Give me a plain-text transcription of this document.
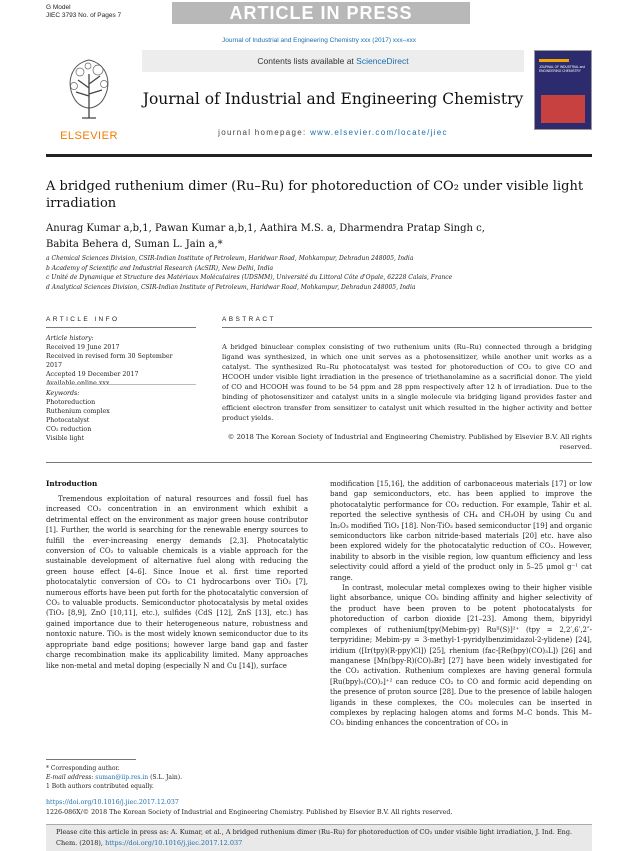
G Model
JIEC 3793 No. of Pages 7	ARTICLE IN PRESS
Journal of Industrial and Engineering Chemistry xxx (2017) xxx–xxx
ELSEVIER
Contents lists available at ScienceDirect
Journal of Industrial and Engineering Chemistry
journal homepage: www.elsevier.com/locate/jiec
JOURNAL OF INDUSTRIAL and ENGINEERING CHEMISTRY
A bridged ruthenium dimer (Ru–Ru) for photoreduction of CO₂ under visible light irradiation
Anurag Kumar a,b,1, Pawan Kumar a,b,1, Aathira M.S. a, Dharmendra Pratap Singh c,
Babita Behera d, Suman L. Jain a,*
a Chemical Sciences Division, CSIR-Indian Institute of Petroleum, Haridwar Road, Mohkampur, Dehradun 248005, India
b Academy of Scientific and Industrial Research (AcSIR), New Delhi, India
c Unité de Dynamique et Structure des Matériaux Moléculaires (UDSMM), Université du Littoral Côte d'Opale, 62228 Calais, France
d Analytical Sciences Division, CSIR-Indian Institute of Petroleum, Haridwar Road, Mohkampur, Dehradun 248005, India
ARTICLE INFO	ABSTRACT
Article history:
Received 19 June 2017
Received in revised form 30 September 2017
Accepted 19 December 2017
Keywords:
Photoreduction
Ruthenium complex
Photocatalyst
CO₂ reduction
Visible light
A bridged binuclear complex consisting of two ruthenium units (Ru–Ru) connected through a bridging ligand was synthesized, in which one unit serves as a photosensitizer, while another unit works as a catalyst. The synthesized Ru–Ru photocatalyst was tested for photoreduction of CO₂ to give CO and HCOOH under visible light irradiation in the presence of triethanolamine as a sacrificial donor. The yield of CO and HCOOH was found to be 54 ppm and 28 ppm respectively after 12 h of irradiation. Due to the binding of photosensitizer and catalyst units in a single molecule via bridging ligand provides faster and efficient electron transfer from sensitizer to catalyst unit which resulted in the higher activity and better product yields.
© 2018 The Korean Society of Industrial and Engineering Chemistry. Published by Elsevier B.V. All rights reserved.
Introduction

Tremendous exploitation of natural resources and fossil fuel has increased CO₂ concentration in an environment which exhibit a detrimental effect on the environment as major green house contributor [1]. Further, the world is searching for the renewable energy sources to fulfill the ever-increasing energy demands [2,3]. Photocatalytic conversion of CO₂ to valuable chemicals is a viable approach for the sustainable development of alternative fuel along with reducing the green house effect [4–6]. Since Inoue et al. first time reported photocatalytic conversion of CO₂ to C1 hydrocarbons over TiO₂ [7], numerous efforts have been put forth for the photocatalytic conversion of CO₂ to valuable products. Semiconductor photocatalysis by metal oxides (TiO₂ [8,9], ZnO [10,11], etc.), sulfides (CdS [12], ZnS [13], etc.) has gained importance due to their heterogeneous nature, robustness and nontoxic nature. TiO₂ is the most widely known semiconductor due to its appropriate band edge positions; however large band gap and faster charge recombination make its applicability limited. Many approaches like non-metal and metal doping (especially N and Cu [14]), surface

modification [15,16], the addition of carbonaceous materials [17] or low band gap semiconductors, etc. has been applied to improve the photocatalytic performance for CO₂ reduction. For example, Tahir et al. reported the selective synthesis of CH₄ and CH₃OH by using Cu and In₂O₃ modified TiO₂ [18]. Non-TiO₂ based semiconductor [19] and organic semiconductors like carbon nitride-based materials [20] etc. have also been explored widely for the photocatalytic reduction of CO₂. However, inability to absorb in the visible region, low quantum efficiency and less selectivity could afford a yield of the product only in 5–25 μmol g⁻¹ cat range.

In contrast, molecular metal complexes owing to their higher visible light absorbance, unique CO₂ binding affinity and higher selectivity of the product have been proven to be potent photocatalysts for photoreduction of carbon dioxide [21–23]. Among them, bipyridyl complexes of ruthenium[tpy(Mebim-py) Ruᴵᴵ(S)]²⁺ (tpy = 2,2′,6′,2″-terpyridine; Mebim-py = 3-methyl-1-pyridylbenzimidazol-2-ylidene) [24], iridium ([Ir(tpy)(R-ppy)Cl]) [25], rhenium (fac-[Re(bpy)(CO)₃L]) [26] and manganese [Mn(bpy-R)(CO)₃Br] [27] have been widely investigated for the CO₂ activation. Ruthenium complexes are having general formula [Ru(bpy)₂(CO)₂]⁺² can reduce CO₂ to CO and formic acid depending on the presence of proton source [28]. Due to the presence of labile halogen ligands in these complexes, the CO₂ molecules can be inserted in complexes by replacing halogen atoms and forms M–C bonds. This M–CO₂ binding enhances the concentration of CO₂ in

* Corresponding author.
E-mail address: suman@iip.res.in (S.L. Jain).
1 Both authors contributed equally.
https://doi.org/10.1016/j.jiec.2017.12.037
1226-086X/© 2018 The Korean Society of Industrial and Engineering Chemistry. Published by Elsevier B.V. All rights reserved.
Please cite this article in press as: A. Kumar, et al., A bridged ruthenium dimer (Ru–Ru) for photoreduction of CO₂ under visible light irradiation, J. Ind. Eng. Chem. (2018), https://doi.org/10.1016/j.jiec.2017.12.037
